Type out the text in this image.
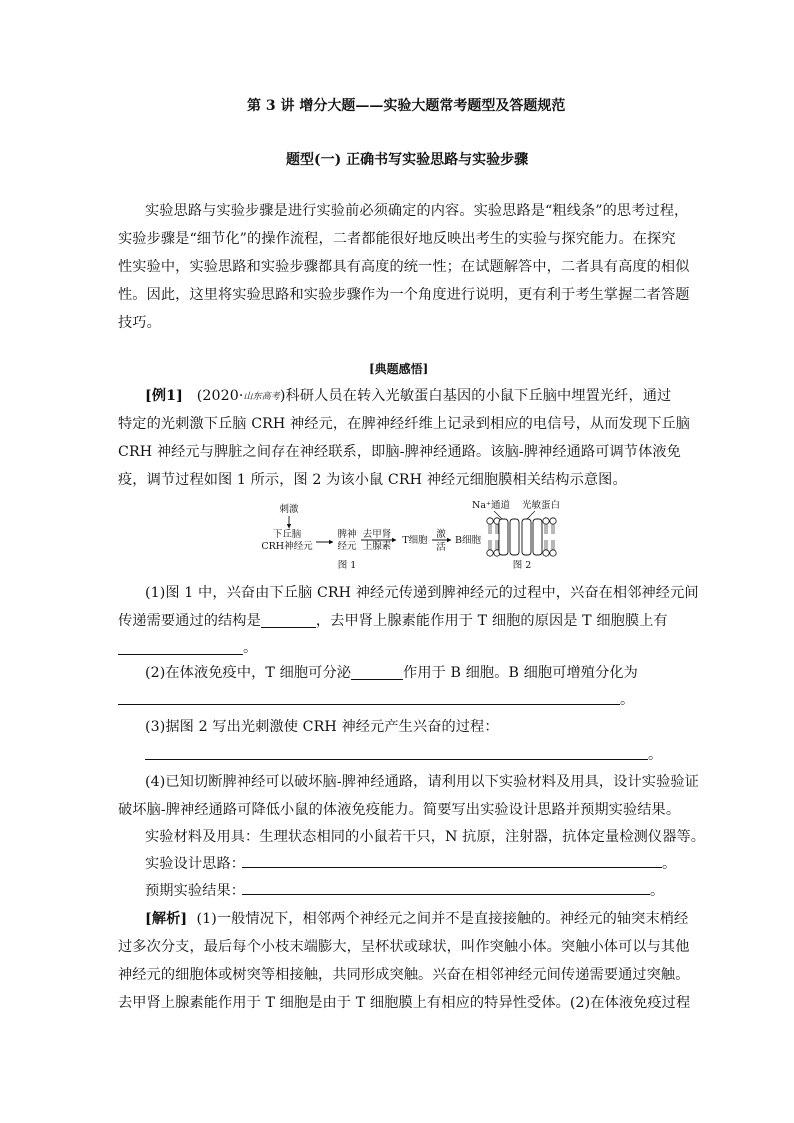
第 3 讲 增分大题——实验大题常考题型及答题规范
题型(一) 正确书写实验思路与实验步骤
实验思路与实验步骤是进行实验前必须确定的内容。实验思路是“粗线条”的思考过程，
实验步骤是“细节化”的操作流程，二者都能很好地反映出考生的实验与探究能力。在探究
性实验中，实验思路和实验步骤都具有高度的统一性；在试题解答中，二者具有高度的相似
性。因此，这里将实验思路和实验步骤作为一个角度进行说明，更有利于考生掌握二者答题
技巧。
[典题感悟]
[例1] (2020·山东高考)科研人员在转入光敏蛋白基因的小鼠下丘脑中埋置光纤，通过
特定的光刺激下丘脑 CRH 神经元，在脾神经纤维上记录到相应的电信号，从而发现下丘脑
CRH 神经元与脾脏之间存在神经联系，即脑-脾神经通路。该脑-脾神经通路可调节体液免
疫，调节过程如图 1 所示，图 2 为该小鼠 CRH 神经元细胞膜相关结构示意图。
刺激
下丘脑
CRH神经元
脾神
经元
去甲肾
上腺素
T细胞
激
活
B细胞
图 1
Na⁺通道 光敏蛋白
图 2
(1)图 1 中，兴奋由下丘脑 CRH 神经元传递到脾神经元的过程中，兴奋在相邻神经元间
传递需要通过的结构是	，去甲肾上腺素能作用于 T 细胞的原因是 T 细胞膜上有
。
(2)在体液免疫中，T 细胞可分泌	作用于 B 细胞。B 细胞可增殖分化为
。
(3)据图 2 写出光刺激使 CRH 神经元产生兴奋的过程：
。
(4)已知切断脾神经可以破坏脑-脾神经通路，请利用以下实验材料及用具，设计实验验证
破坏脑-脾神经通路可降低小鼠的体液免疫能力。简要写出实验设计思路并预期实验结果。
实验材料及用具：生理状态相同的小鼠若干只，N 抗原，注射器，抗体定量检测仪器等。
实验设计思路：	。
预期实验结果：	。
[解析] (1)一般情况下，相邻两个神经元之间并不是直接接触的。神经元的轴突末梢经
过多次分支，最后每个小枝末端膨大，呈杯状或球状，叫作突触小体。突触小体可以与其他
神经元的细胞体或树突等相接触，共同形成突触。兴奋在相邻神经元间传递需要通过突触。
去甲肾上腺素能作用于 T 细胞是由于 T 细胞膜上有相应的特异性受体。(2)在体液免疫过程
